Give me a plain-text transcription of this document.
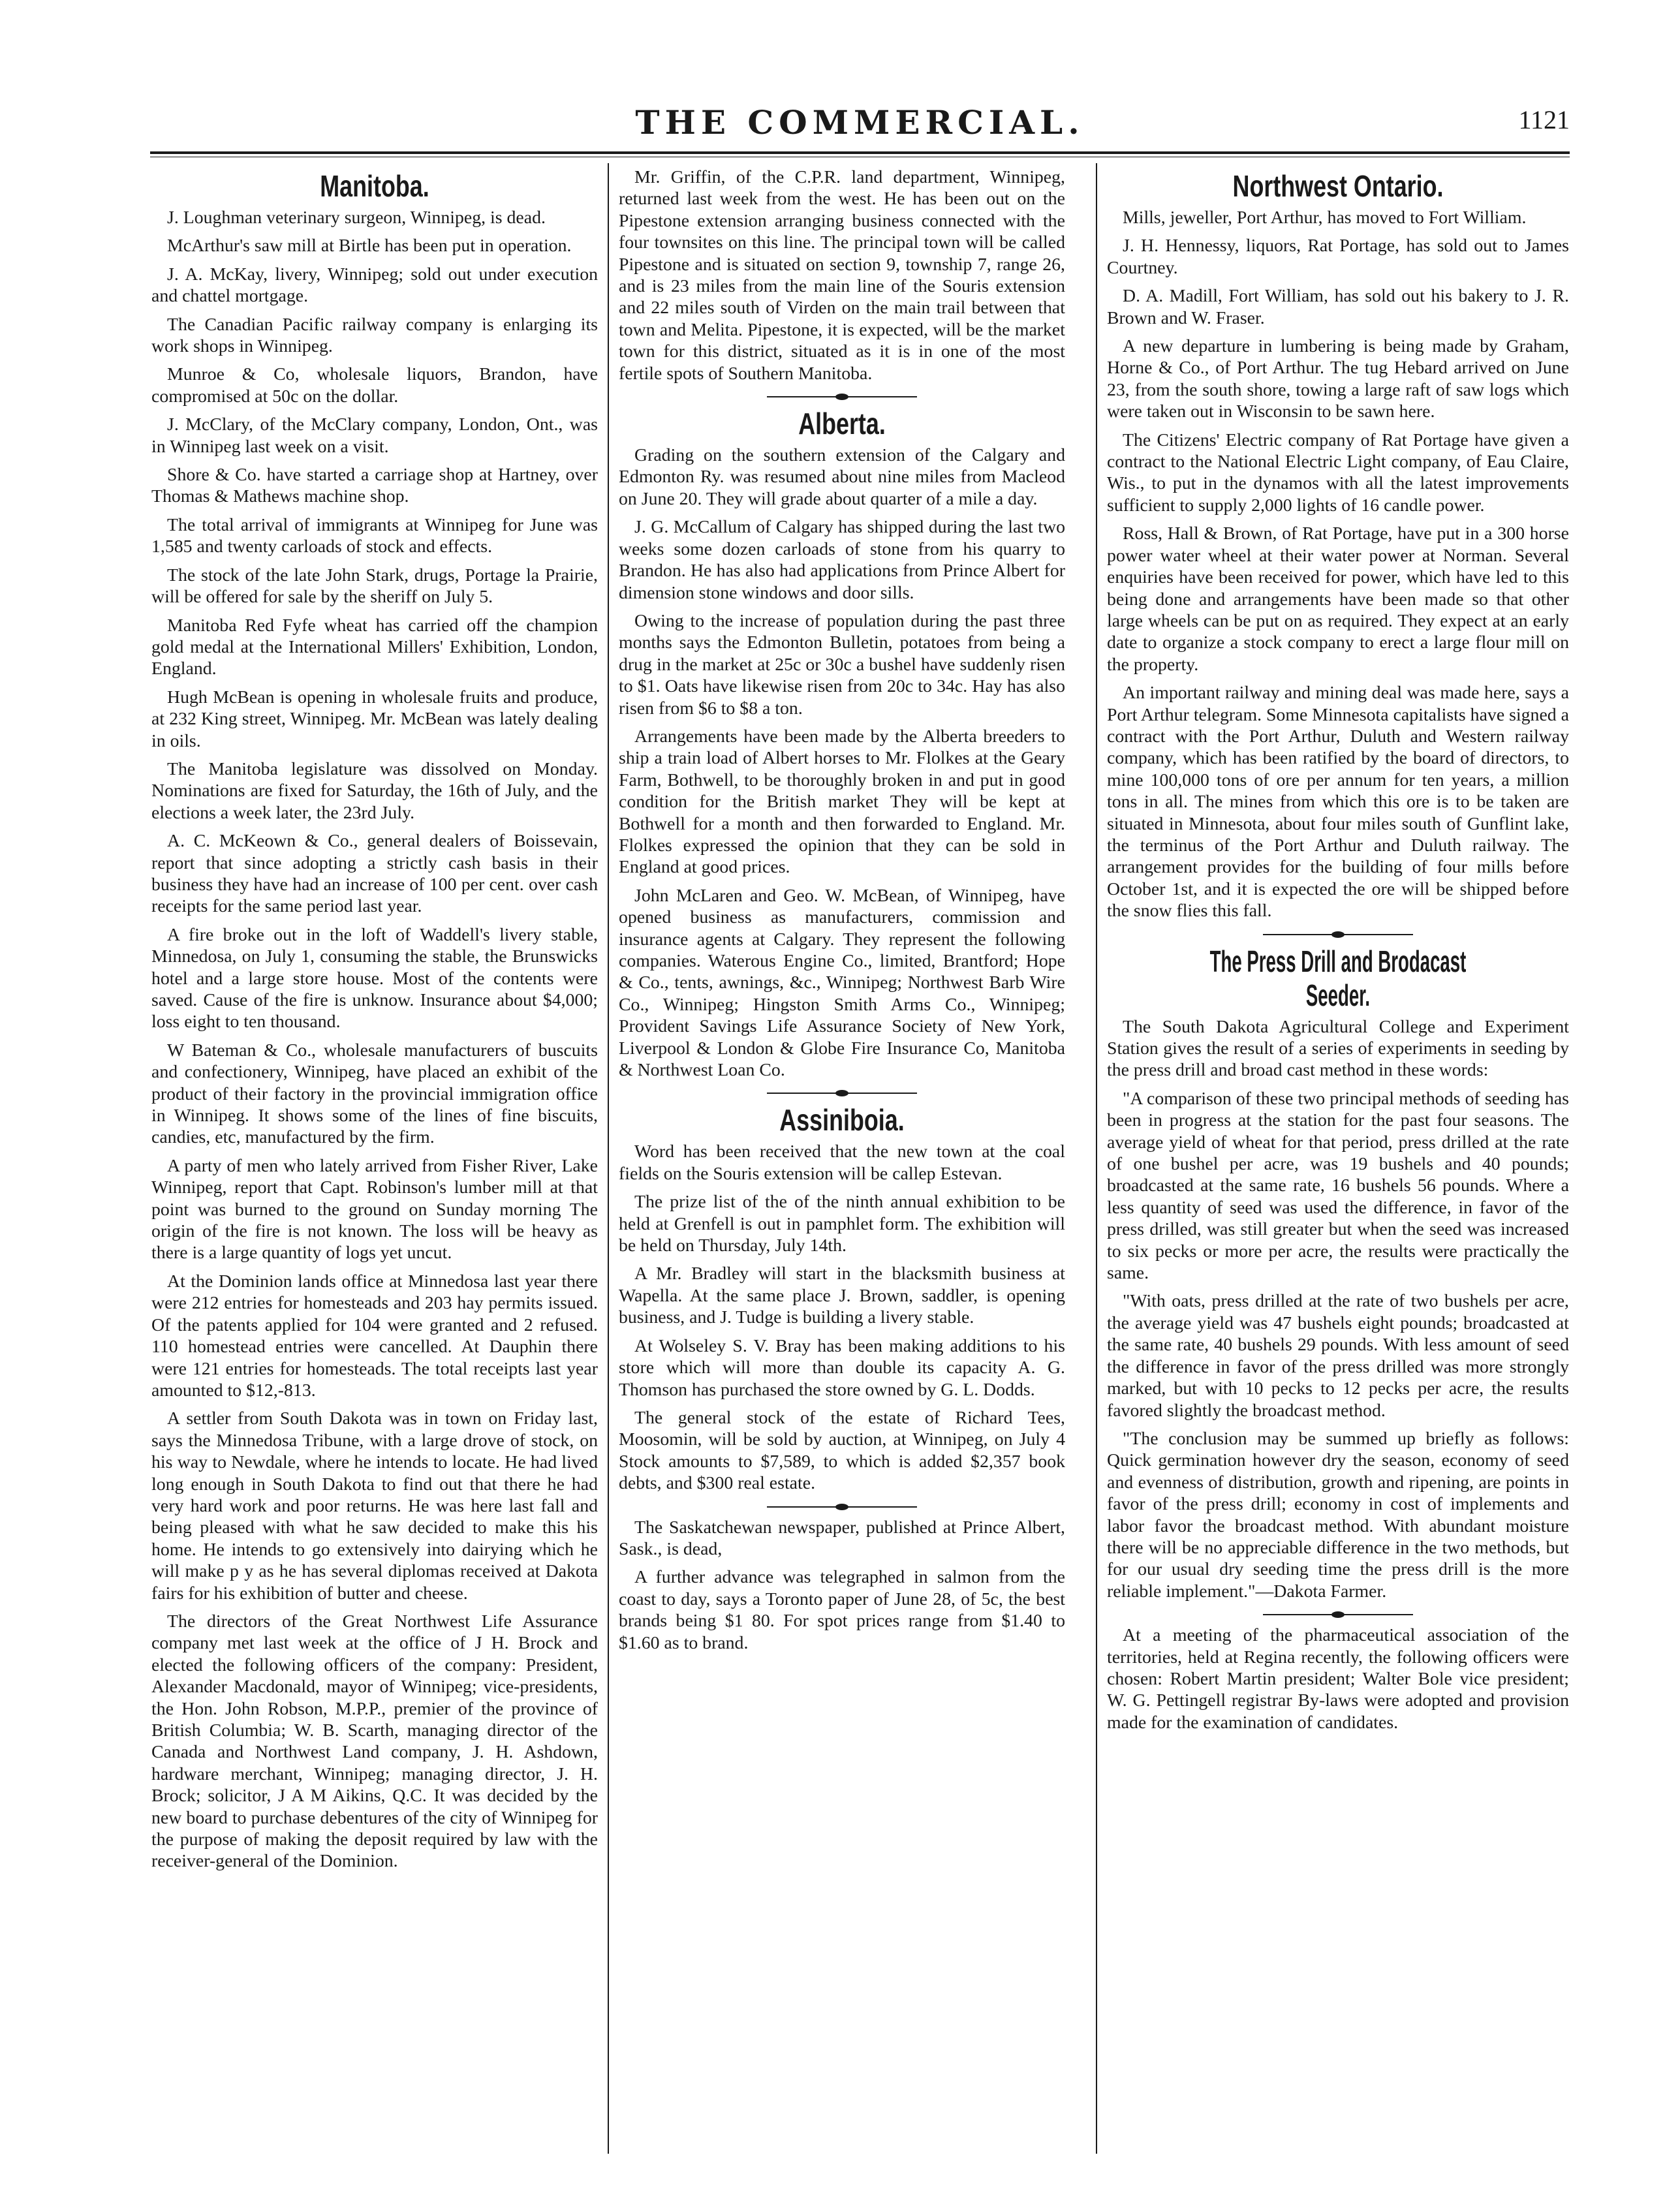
THE COMMERCIAL.	1121
Manitoba.

J. Loughman veterinary surgeon, Winnipeg, is dead.

McArthur's saw mill at Birtle has been put in operation.

J. A. McKay, livery, Winnipeg; sold out under execution and chattel mortgage.

The Canadian Pacific railway company is enlarging its work shops in Winnipeg.

Munroe & Co, wholesale liquors, Brandon, have compromised at 50c on the dollar.

J. McClary, of the McClary company, London, Ont., was in Winnipeg last week on a visit.

Shore & Co. have started a carriage shop at Hartney, over Thomas & Mathews machine shop.

The total arrival of immigrants at Winnipeg for June was 1,585 and twenty carloads of stock and effects.

The stock of the late John Stark, drugs, Portage la Prairie, will be offered for sale by the sheriff on July 5.

Manitoba Red Fyfe wheat has carried off the champion gold medal at the International Millers' Exhibition, London, England.

Hugh McBean is opening in wholesale fruits and produce, at 232 King street, Winnipeg. Mr. McBean was lately dealing in oils.

The Manitoba legislature was dissolved on Monday. Nominations are fixed for Saturday, the 16th of July, and the elections a week later, the 23rd July.

A. C. McKeown & Co., general dealers of Boissevain, report that since adopting a strictly cash basis in their business they have had an increase of 100 per cent. over cash receipts for the same period last year.

A fire broke out in the loft of Waddell's livery stable, Minnedosa, on July 1, consuming the stable, the Brunswicks hotel and a large store house. Most of the contents were saved. Cause of the fire is unknow. Insurance about $4,000; loss eight to ten thousand.

W Bateman & Co., wholesale manufacturers of buscuits and confectionery, Winnipeg, have placed an exhibit of the product of their factory in the provincial immigration office in Winnipeg. It shows some of the lines of fine biscuits, candies, etc, manufactured by the firm.

A party of men who lately arrived from Fisher River, Lake Winnipeg, report that Capt. Robinson's lumber mill at that point was burned to the ground on Sunday morning The origin of the fire is not known. The loss will be heavy as there is a large quantity of logs yet uncut.

At the Dominion lands office at Minnedosa last year there were 212 entries for homesteads and 203 hay permits issued. Of the patents applied for 104 were granted and 2 refused. 110 homestead entries were cancelled. At Dauphin there were 121 entries for homesteads. The total receipts last year amounted to $12,-813.

A settler from South Dakota was in town on Friday last, says the Minnedosa Tribune, with a large drove of stock, on his way to Newdale, where he intends to locate. He had lived long enough in South Dakota to find out that there he had very hard work and poor returns. He was here last fall and being pleased with what he saw decided to make this his home. He intends to go extensively into dairying which he will make p y as he has several diplomas received at Dakota fairs for his exhibition of butter and cheese.

The directors of the Great Northwest Life Assurance company met last week at the office of J H. Brock and elected the following officers of the company: President, Alexander Macdonald, mayor of Winnipeg; vice-presidents, the Hon. John Robson, M.P.P., premier of the province of British Columbia; W. B. Scarth, managing director of the Canada and Northwest Land company, J. H. Ashdown, hardware merchant, Winnipeg; managing director, J. H. Brock; solicitor, J A M Aikins, Q.C. It was decided by the new board to purchase debentures of the city of Winnipeg for the purpose of making the deposit required by law with the receiver-general of the Dominion.

Mr. Griffin, of the C.P.R. land department, Winnipeg, returned last week from the west. He has been out on the Pipestone extension arranging business connected with the four townsites on this line. The principal town will be called Pipestone and is situated on section 9, township 7, range 26, and is 23 miles from the main line of the Souris extension and 22 miles south of Virden on the main trail between that town and Melita. Pipestone, it is expected, will be the market town for this district, situated as it is in one of the most fertile spots of Southern Manitoba.

Alberta.

Grading on the southern extension of the Calgary and Edmonton Ry. was resumed about nine miles from Macleod on June 20. They will grade about quarter of a mile a day.

J. G. McCallum of Calgary has shipped during the last two weeks some dozen carloads of stone from his quarry to Brandon. He has also had applications from Prince Albert for dimension stone windows and door sills.

Owing to the increase of population during the past three months says the Edmonton Bulletin, potatoes from being a drug in the market at 25c or 30c a bushel have suddenly risen to $1. Oats have likewise risen from 20c to 34c. Hay has also risen from $6 to $8 a ton.

Arrangements have been made by the Alberta breeders to ship a train load of Albert horses to Mr. Flolkes at the Geary Farm, Bothwell, to be thoroughly broken in and put in good condition for the British market They will be kept at Bothwell for a month and then forwarded to England. Mr. Flolkes expressed the opinion that they can be sold in England at good prices.

John McLaren and Geo. W. McBean, of Winnipeg, have opened business as manufacturers, commission and insurance agents at Calgary. They represent the following companies. Waterous Engine Co., limited, Brantford; Hope & Co., tents, awnings, &c., Winnipeg; Northwest Barb Wire Co., Winnipeg; Hingston Smith Arms Co., Winnipeg; Provident Savings Life Assurance Society of New York, Liverpool & London & Globe Fire Insurance Co, Manitoba & Northwest Loan Co.

Assiniboia.

Word has been received that the new town at the coal fields on the Souris extension will be callep Estevan.

The prize list of the of the ninth annual exhibition to be held at Grenfell is out in pamphlet form. The exhibition will be held on Thursday, July 14th.

A Mr. Bradley will start in the blacksmith business at Wapella. At the same place J. Brown, saddler, is opening business, and J. Tudge is building a livery stable.

At Wolseley S. V. Bray has been making additions to his store which will more than double its capacity A. G. Thomson has purchased the store owned by G. L. Dodds.

The general stock of the estate of Richard Tees, Moosomin, will be sold by auction, at Winnipeg, on July 4 Stock amounts to $7,589, to which is added $2,357 book debts, and $300 real estate.

The Saskatchewan newspaper, published at Prince Albert, Sask., is dead,

A further advance was telegraphed in salmon from the coast to day, says a Toronto paper of June 28, of 5c, the best brands being $1 80. For spot prices range from $1.40 to $1.60 as to brand.

Northwest Ontario.

Mills, jeweller, Port Arthur, has moved to Fort William.

J. H. Hennessy, liquors, Rat Portage, has sold out to James Courtney.

D. A. Madill, Fort William, has sold out his bakery to J. R. Brown and W. Fraser.

A new departure in lumbering is being made by Graham, Horne & Co., of Port Arthur. The tug Hebard arrived on June 23, from the south shore, towing a large raft of saw logs which were taken out in Wisconsin to be sawn here.

The Citizens' Electric company of Rat Portage have given a contract to the National Electric Light company, of Eau Claire, Wis., to put in the dynamos with all the latest improvements sufficient to supply 2,000 lights of 16 candle power.

Ross, Hall & Brown, of Rat Portage, have put in a 300 horse power water wheel at their water power at Norman. Several enquiries have been received for power, which have led to this being done and arrangements have been made so that other large wheels can be put on as required. They expect at an early date to organize a stock company to erect a large flour mill on the property.

An important railway and mining deal was made here, says a Port Arthur telegram. Some Minnesota capitalists have signed a contract with the Port Arthur, Duluth and Western railway company, which has been ratified by the board of directors, to mine 100,000 tons of ore per annum for ten years, a million tons in all. The mines from which this ore is to be taken are situated in Minnesota, about four miles south of Gunflint lake, the terminus of the Port Arthur and Duluth railway. The arrangement provides for the building of four mills before October 1st, and it is expected the ore will be shipped before the snow flies this fall.

The Press Drill and Brodacast Seeder.

The South Dakota Agricultural College and Experiment Station gives the result of a series of experiments in seeding by the press drill and broad cast method in these words:

"A comparison of these two principal methods of seeding has been in progress at the station for the past four seasons. The average yield of wheat for that period, press drilled at the rate of one bushel per acre, was 19 bushels and 40 pounds; broadcasted at the same rate, 16 bushels 56 pounds. Where a less quantity of seed was used the difference, in favor of the press drilled, was still greater but when the seed was increased to six pecks or more per acre, the results were practically the same.

"With oats, press drilled at the rate of two bushels per acre, the average yield was 47 bushels eight pounds; broadcasted at the same rate, 40 bushels 29 pounds. With less amount of seed the difference in favor of the press drilled was more strongly marked, but with 10 pecks to 12 pecks per acre, the results favored slightly the broadcast method.

"The conclusion may be summed up briefly as follows: Quick germination however dry the season, economy of seed and evenness of distribution, growth and ripening, are points in favor of the press drill; economy in cost of implements and labor favor the broadcast method. With abundant moisture there will be no appreciable difference in the two methods, but for our usual dry seeding time the press drill is the more reliable implement."—Dakota Farmer.

At a meeting of the pharmaceutical association of the territories, held at Regina recently, the following officers were chosen: Robert Martin president; Walter Bole vice president; W. G. Pettingell registrar By-laws were adopted and provision made for the examination of candidates.
